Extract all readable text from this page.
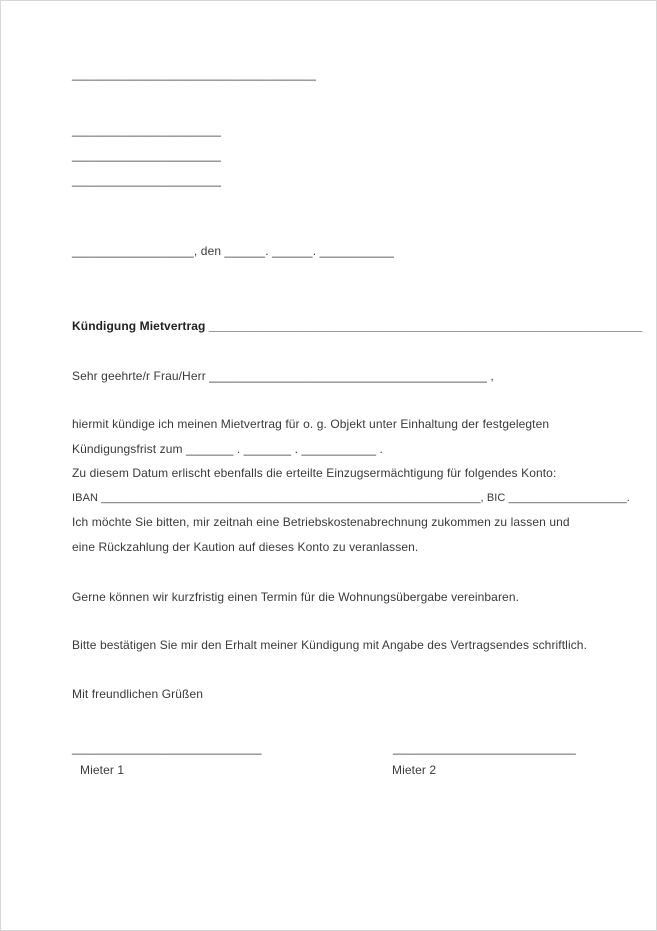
____________________________________
______________________
______________________
______________________
__________________, den ______. ______. ___________
Kündigung Mietvertrag ________________________________________________________________
Sehr geehrte/r Frau/Herr _________________________________________ ,
hiermit kündige ich meinen Mietvertrag für o. g. Objekt unter Einhaltung der festgelegten
Kündigungsfrist zum _______ . _______ . ___________ .
Zu diesem Datum erlischt ebenfalls die erteilte Einzugsermächtigung für folgendes Konto:
IBAN _____________________________________________________________, BIC ___________________.
Ich möchte Sie bitten, mir zeitnah eine Betriebskostenabrechnung zukommen zu lassen und
eine Rückzahlung der Kaution auf dieses Konto zu veranlassen.
Gerne können wir kurzfristig einen Termin für die Wohnungsübergabe vereinbaren.
Bitte bestätigen Sie mir den Erhalt meiner Kündigung mit Angabe des Vertragsendes schriftlich.
Mit freundlichen Grüßen
____________________________
Mieter 1
___________________________
Mieter 2
